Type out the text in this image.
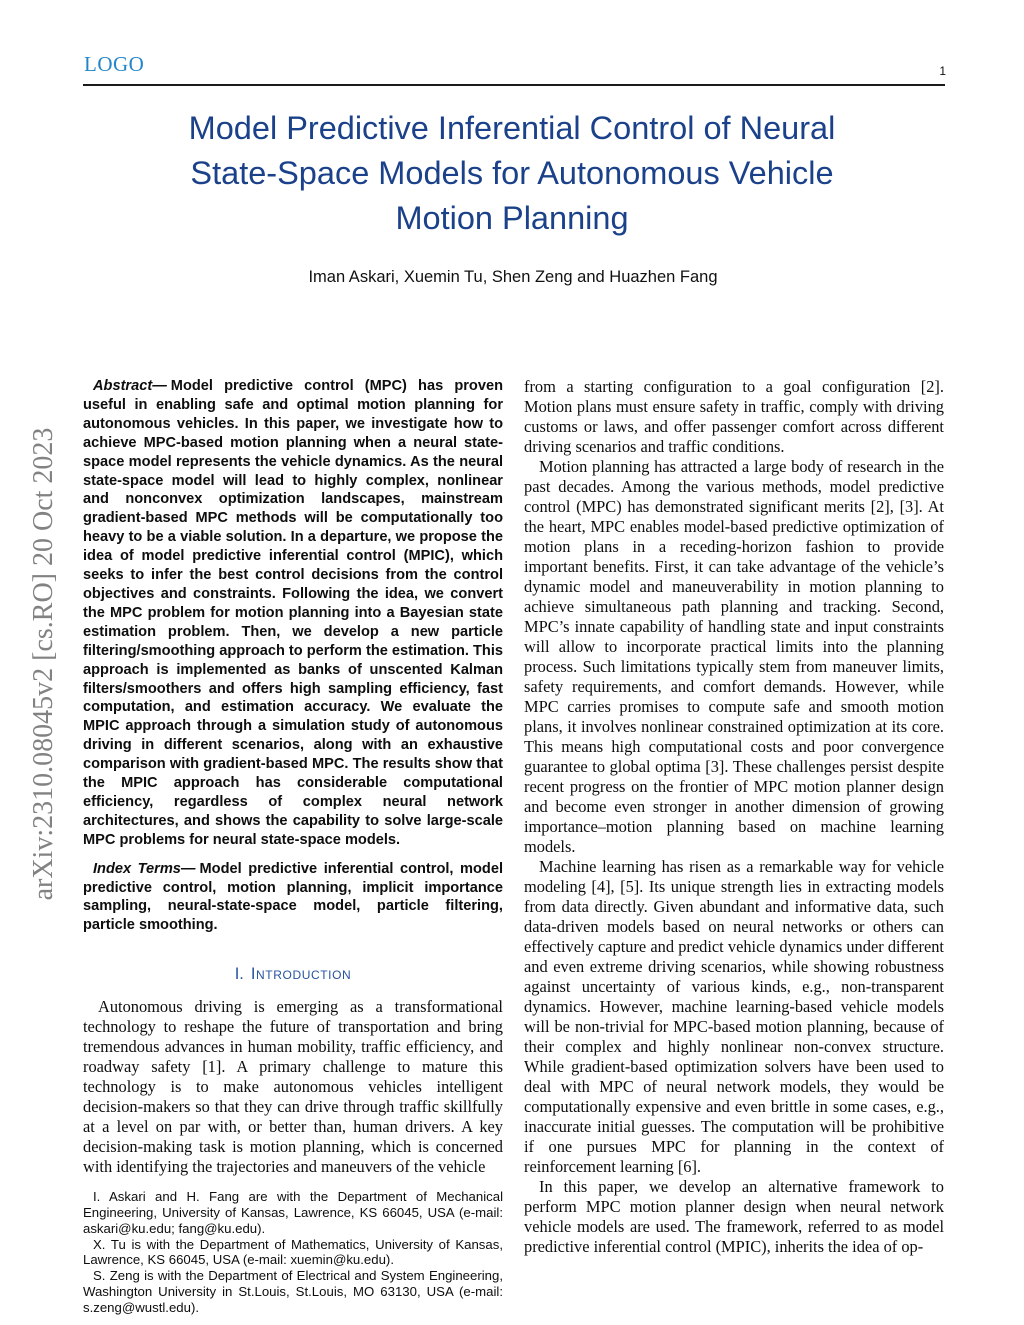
LOGO	1
arXiv:2310.08045v2 [cs.RO] 20 Oct 2023
Model Predictive Inferential Control of Neural
State-Space Models for Autonomous Vehicle
Motion Planning
Iman Askari, Xuemin Tu, Shen Zeng and Huazhen Fang

Abstract— Model predictive control (MPC) has proven useful in enabling safe and optimal motion planning for autonomous vehicles. In this paper, we investigate how to achieve MPC-based motion planning when a neural state-space model represents the vehicle dynamics. As the neural state-space model will lead to highly complex, nonlinear and nonconvex optimization landscapes, mainstream gradient-based MPC methods will be computationally too heavy to be a viable solution. In a departure, we propose the idea of model predictive inferential control (MPIC), which seeks to infer the best control decisions from the control objectives and constraints. Following the idea, we convert the MPC problem for motion planning into a Bayesian state estimation problem. Then, we develop a new particle filtering/smoothing approach to perform the estimation. This approach is implemented as banks of unscented Kalman filters/smoothers and offers high sampling efficiency, fast computation, and estimation accuracy. We evaluate the MPIC approach through a simulation study of autonomous driving in different scenarios, along with an exhaustive comparison with gradient-based MPC. The results show that the MPIC approach has considerable computational efficiency, regardless of complex neural network architectures, and shows the capability to solve large-scale MPC problems for neural state-space models.

Index Terms— Model predictive inferential control, model predictive control, motion planning, implicit importance sampling, neural-state-space model, particle filtering, particle smoothing.

I. Introduction

Autonomous driving is emerging as a transformational technology to reshape the future of transportation and bring tremendous advances in human mobility, traffic efficiency, and roadway safety [1]. A primary challenge to mature this technology is to make autonomous vehicles intelligent decision-makers so that they can drive through traffic skillfully at a level on par with, or better than, human drivers. A key decision-making task is motion planning, which is concerned with identifying the trajectories and maneuvers of the vehicle

I. Askari and H. Fang are with the Department of Mechanical Engineering, University of Kansas, Lawrence, KS 66045, USA (e-mail: askari@ku.edu; fang@ku.edu).

X. Tu is with the Department of Mathematics, University of Kansas, Lawrence, KS 66045, USA (e-mail: xuemin@ku.edu).

S. Zeng is with the Department of Electrical and System Engineering, Washington University in St.Louis, St.Louis, MO 63130, USA (e-mail: s.zeng@wustl.edu).

from a starting configuration to a goal configuration [2]. Motion plans must ensure safety in traffic, comply with driving customs or laws, and offer passenger comfort across different driving scenarios and traffic conditions.

Motion planning has attracted a large body of research in the past decades. Among the various methods, model predictive control (MPC) has demonstrated significant merits [2], [3]. At the heart, MPC enables model-based predictive optimization of motion plans in a receding-horizon fashion to provide important benefits. First, it can take advantage of the vehicle’s dynamic model and maneuverability in motion planning to achieve simultaneous path planning and tracking. Second, MPC’s innate capability of handling state and input constraints will allow to incorporate practical limits into the planning process. Such limitations typically stem from maneuver limits, safety requirements, and comfort demands. However, while MPC carries promises to compute safe and smooth motion plans, it involves nonlinear constrained optimization at its core. This means high computational costs and poor convergence guarantee to global optima [3]. These challenges persist despite recent progress on the frontier of MPC motion planner design and become even stronger in another dimension of growing importance–motion planning based on machine learning models.

Machine learning has risen as a remarkable way for vehicle modeling [4], [5]. Its unique strength lies in extracting models from data directly. Given abundant and informative data, such data-driven models based on neural networks or others can effectively capture and predict vehicle dynamics under different and even extreme driving scenarios, while showing robustness against uncertainty of various kinds, e.g., non-transparent dynamics. However, machine learning-based vehicle models will be non-trivial for MPC-based motion planning, because of their complex and highly nonlinear non-convex structure. While gradient-based optimization solvers have been used to deal with MPC of neural network models, they would be computationally expensive and even brittle in some cases, e.g., inaccurate initial guesses. The computation will be prohibitive if one pursues MPC for planning in the context of reinforcement learning [6].

In this paper, we develop an alternative framework to perform MPC motion planner design when neural network vehicle models are used. The framework, referred to as model predictive inferential control (MPIC), inherits the idea of op-
